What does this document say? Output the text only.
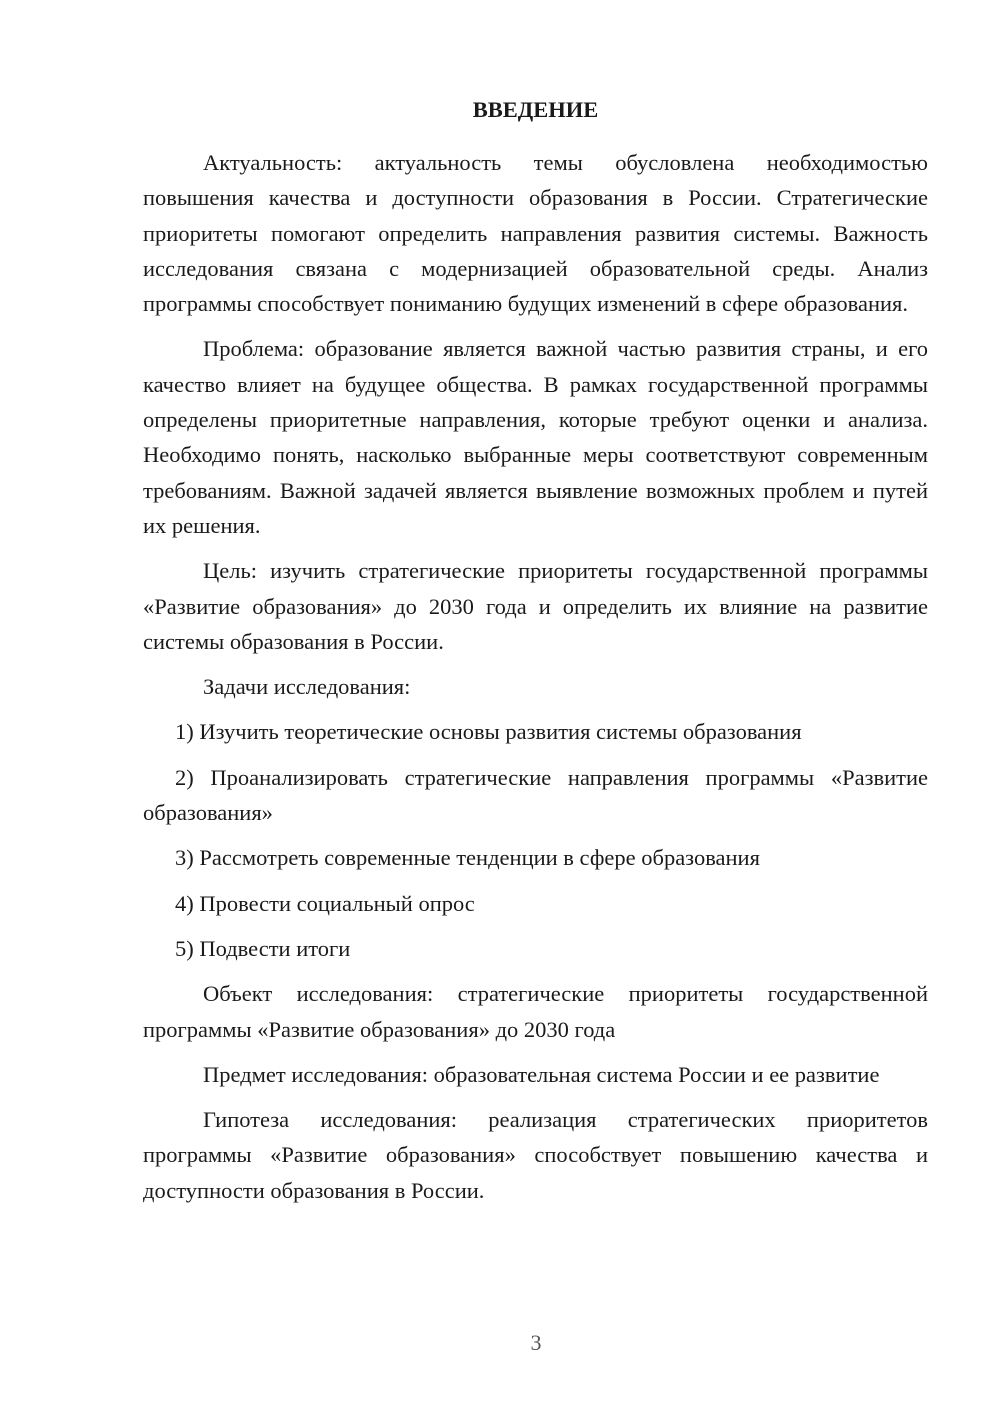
ВВЕДЕНИЕ

Актуальность: актуальность темы обусловлена необходимостью повышения качества и доступности образования в России. Стратегические приоритеты помогают определить направления развития системы. Важность исследования связана с модернизацией образовательной среды. Анализ программы способствует пониманию будущих изменений в сфере образования.

Проблема: образование является важной частью развития страны, и его качество влияет на будущее общества. В рамках государственной программы определены приоритетные направления, которые требуют оценки и анализа. Необходимо понять, насколько выбранные меры соответствуют современным требованиям. Важной задачей является выявление возможных проблем и путей их решения.

Цель: изучить стратегические приоритеты государственной программы «Развитие образования» до 2030 года и определить их влияние на развитие системы образования в России.

Задачи исследования:

1) Изучить теоретические основы развития системы образования

2) Проанализировать стратегические направления программы «Развитие образования»

3) Рассмотреть современные тенденции в сфере образования

4) Провести социальный опрос

5) Подвести итоги

Объект исследования: стратегические приоритеты государственной программы «Развитие образования» до 2030 года

Предмет исследования: образовательная система России и ее развитие

Гипотеза исследования: реализация стратегических приоритетов программы «Развитие образования» способствует повышению качества и доступности образования в России.

3
